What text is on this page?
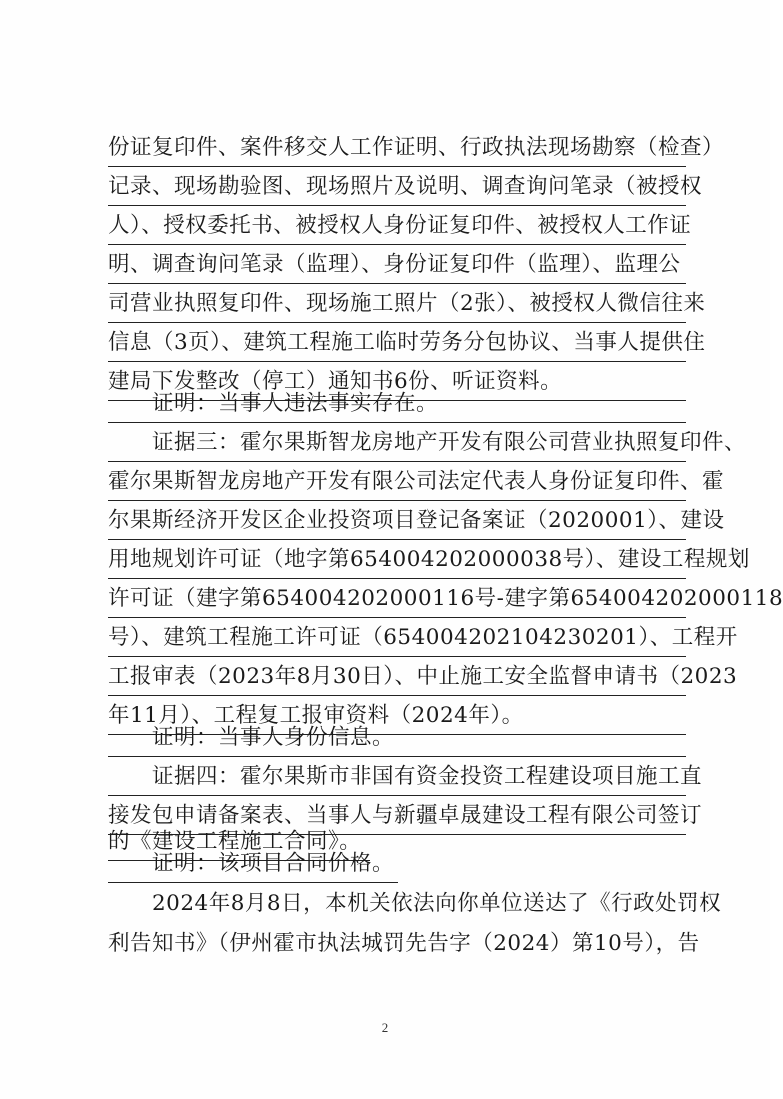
份证复印件、案件移交人工作证明、行政执法现场勘察（检查）
记录、现场勘验图、现场照片及说明、调查询问笔录（被授权
人）、授权委托书、被授权人身份证复印件、被授权人工作证
明、调查询问笔录（监理）、身份证复印件（监理）、监理公
司营业执照复印件、现场施工照片（2张）、被授权人微信往来
信息（3页）、建筑工程施工临时劳务分包协议、当事人提供住
建局下发整改（停工）通知书6份、听证资料。
证明：当事人违法事实存在。
证据三：霍尔果斯智龙房地产开发有限公司营业执照复印件、
霍尔果斯智龙房地产开发有限公司法定代表人身份证复印件、霍
尔果斯经济开发区企业投资项目登记备案证（2020001）、建设
用地规划许可证（地字第654004202000038号）、建设工程规划
许可证（建字第654004202000116号-建字第654004202000118
号）、建筑工程施工许可证（654004202104230201）、工程开
工报审表（2023年8月30日）、中止施工安全监督申请书（2023
年11月）、工程复工报审资料（2024年）。
证明：当事人身份信息。
证据四：霍尔果斯市非国有资金投资工程建设项目施工直
接发包申请备案表、当事人与新疆卓晟建设工程有限公司签订
的《建设工程施工合同》。
证明：该项目合同价格。
2024年8月8日，本机关依法向你单位送达了《行政处罚权
利告知书》（伊州霍市执法城罚先告字（2024）第10号），告
2
